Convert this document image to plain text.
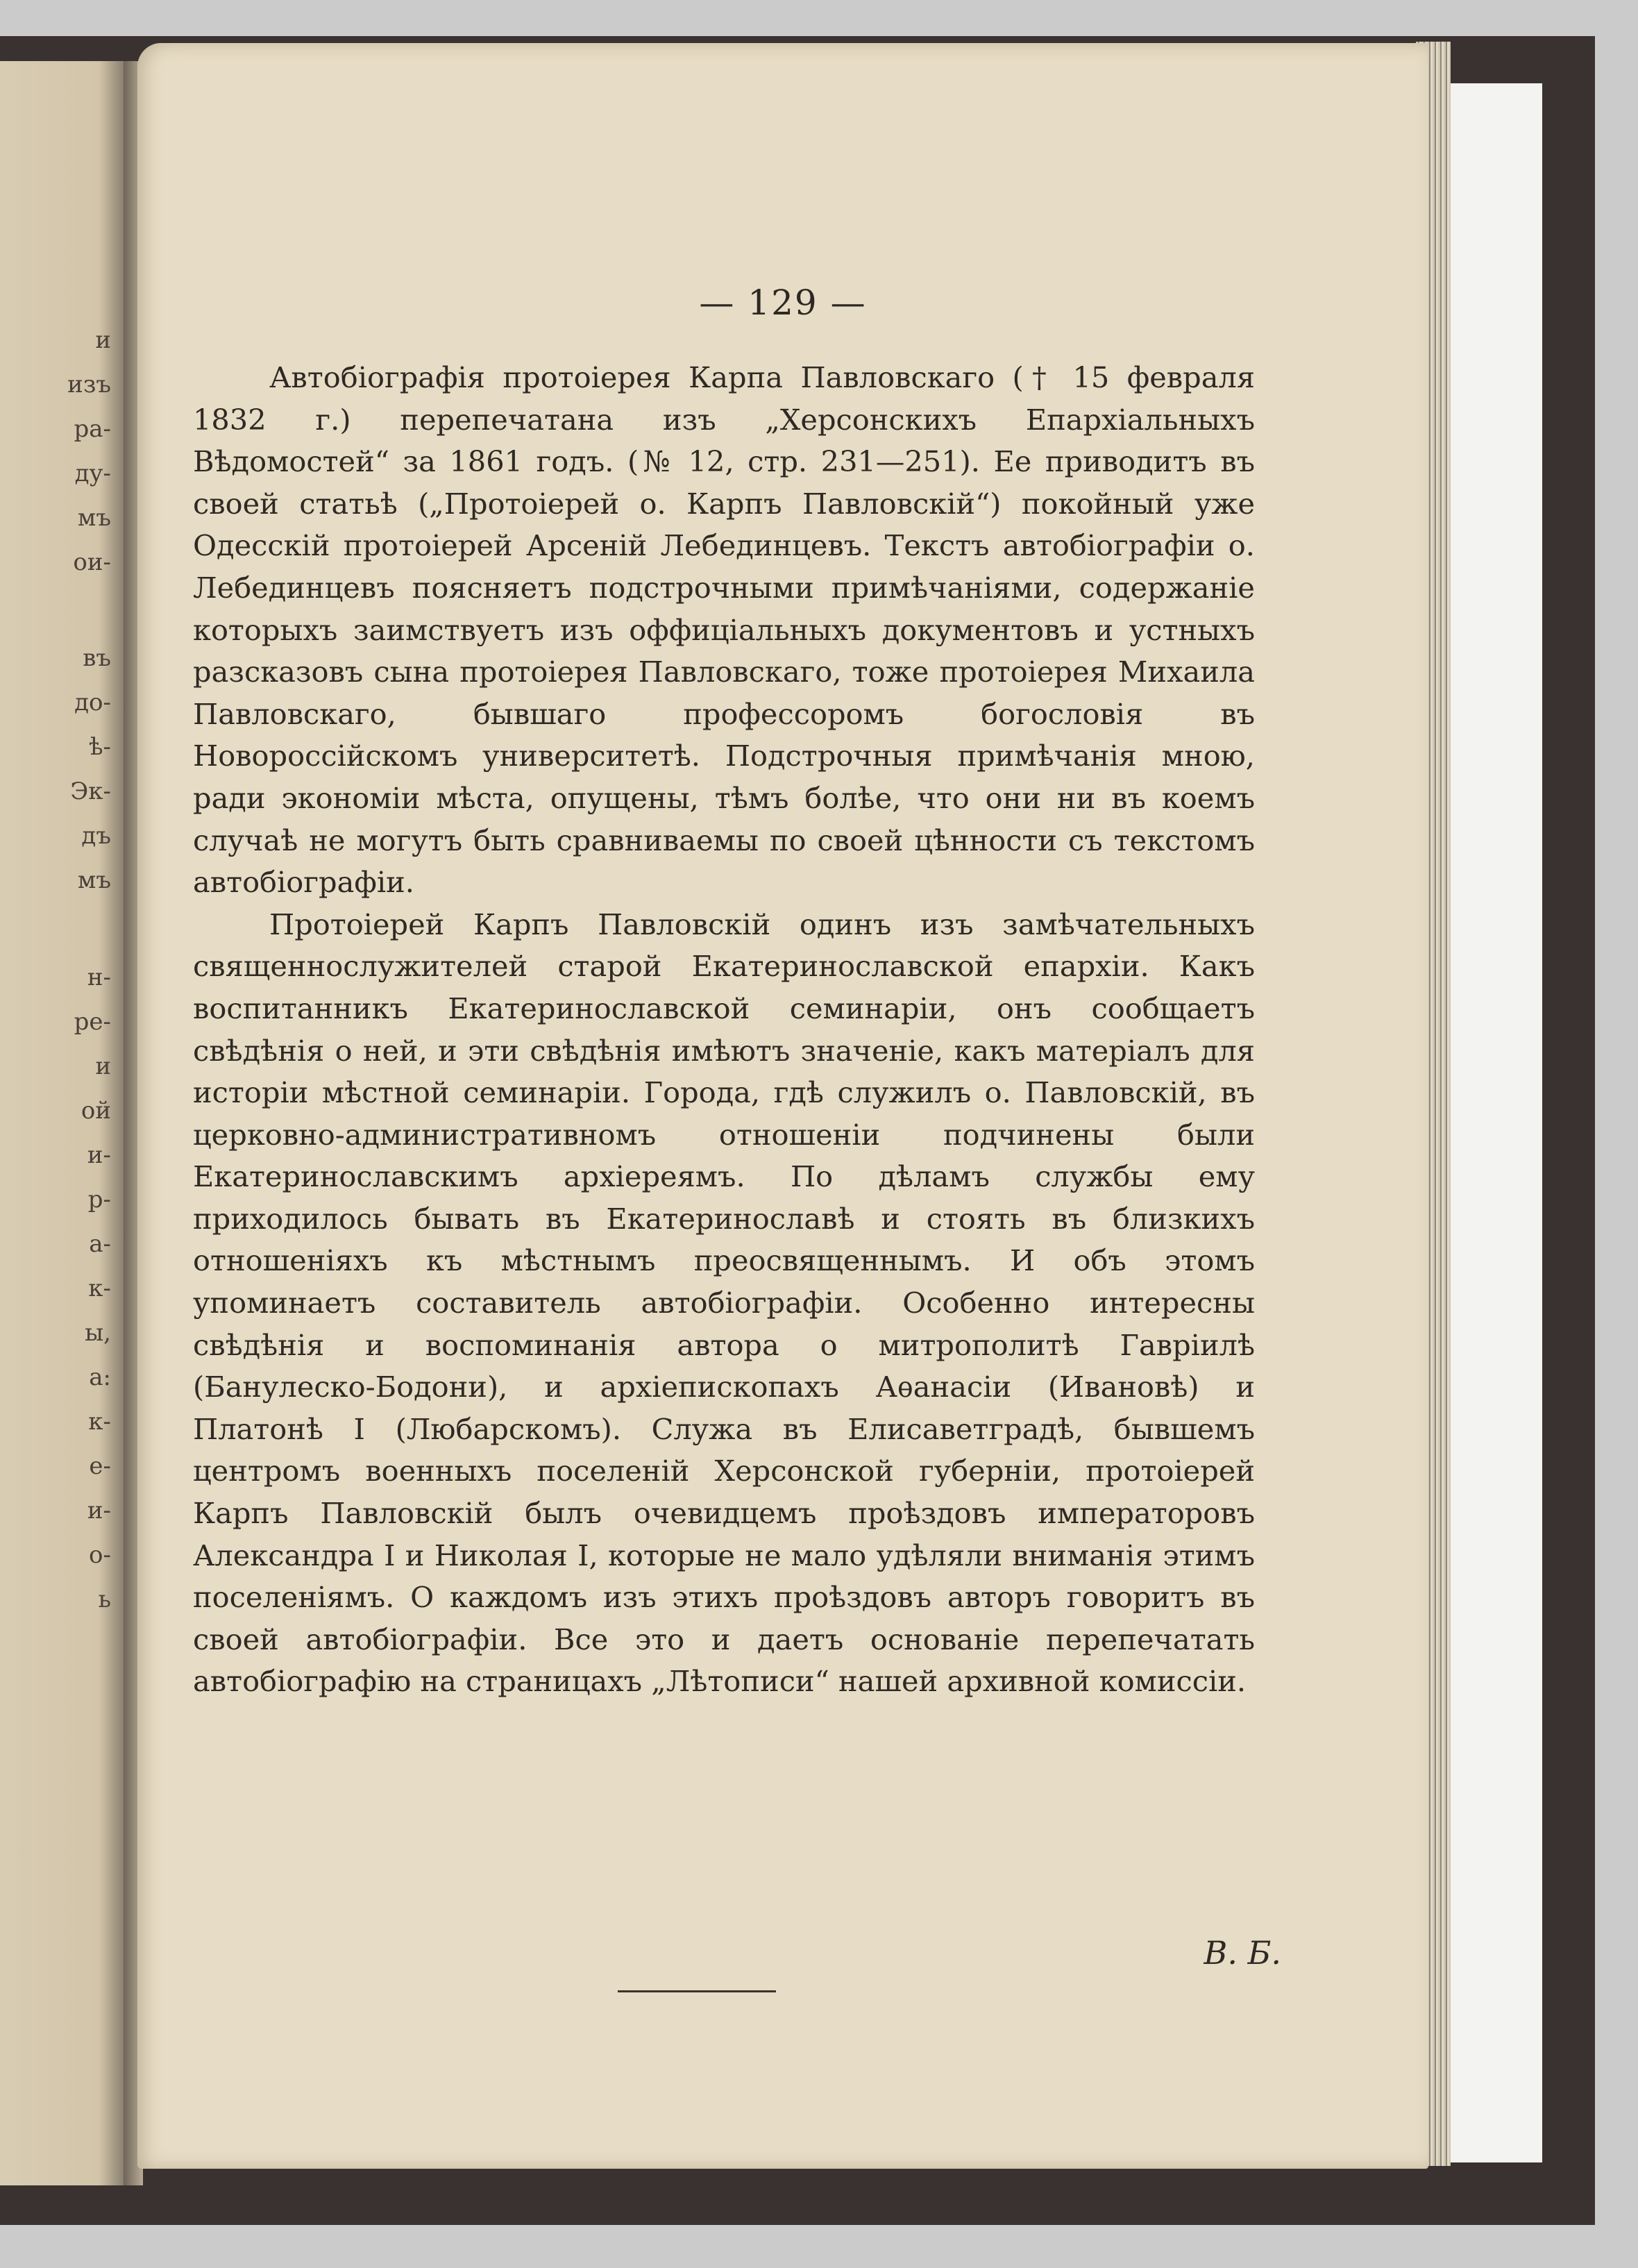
и
изъ
ра-
ду-
мъ
ои-
въ
до-
ѣ-
Эк-
дъ
мъ
н-
ре-
и
ой
и-
р-
а-
к-
ы,
а:
к-
е-
и-
о-
ь
— 129 —

Автобіографія протоіерея Карпа Павловскаго († 15 февраля 1832 г.) перепечатана изъ „Херсонскихъ Епархіальныхъ Вѣдомостей“ за 1861 годъ. (№ 12, стр. 231—251). Ее приводитъ въ своей статьѣ („Протоіерей о. Карпъ Павловскій“) покойный уже Одесскій протоіерей Арсеній Лебединцевъ. Текстъ автобіографіи о. Лебединцевъ поясняетъ подстрочными примѣчаніями, содержаніе которыхъ заимствуетъ изъ оффиціальныхъ документовъ и устныхъ разсказовъ сына протоіерея Павловскаго, тоже протоіерея Михаила Павловскаго, бывшаго профессоромъ богословія въ Новороссійскомъ университетѣ. Подстрочныя примѣчанія мною, ради экономіи мѣста, опущены, тѣмъ болѣе, что они ни въ коемъ случаѣ не могутъ быть сравниваемы по своей цѣнности съ текстомъ автобіографіи.

Протоіерей Карпъ Павловскій одинъ изъ замѣчательныхъ священнослужителей старой Екатеринославской епархіи. Какъ воспитанникъ Екатеринославской семинаріи, онъ сообщаетъ свѣдѣнія о ней, и эти свѣдѣнія имѣютъ значеніе, какъ матеріалъ для исторіи мѣстной семинаріи. Города, гдѣ служилъ о. Павловскій, въ церковно-административномъ отношеніи подчинены были Екатеринославскимъ архіереямъ. По дѣламъ службы ему приходилось бывать въ Екатеринославѣ и стоять въ близкихъ отношеніяхъ къ мѣстнымъ преосвященнымъ. И объ этомъ упоминаетъ составитель автобіографіи. Особенно интересны свѣдѣнія и воспоминанія автора о митрополитѣ Гавріилѣ (Банулеско-Бодони), и архіепископахъ Аѳанасіи (Ивановѣ) и Платонѣ I (Любарскомъ). Служа въ Елисаветградѣ, бывшемъ центромъ военныхъ поселеній Херсонской губерніи, протоіерей Карпъ Павловскій былъ очевидцемъ проѣздовъ императоровъ Александра I и Николая I, которые не мало удѣляли вниманія этимъ поселеніямъ. О каждомъ изъ этихъ проѣздовъ авторъ говоритъ въ своей автобіографіи. Все это и даетъ основаніе перепечатать автобіографію на страницахъ „Лѣтописи“ нашей архивной комиссіи.

В. Б.
